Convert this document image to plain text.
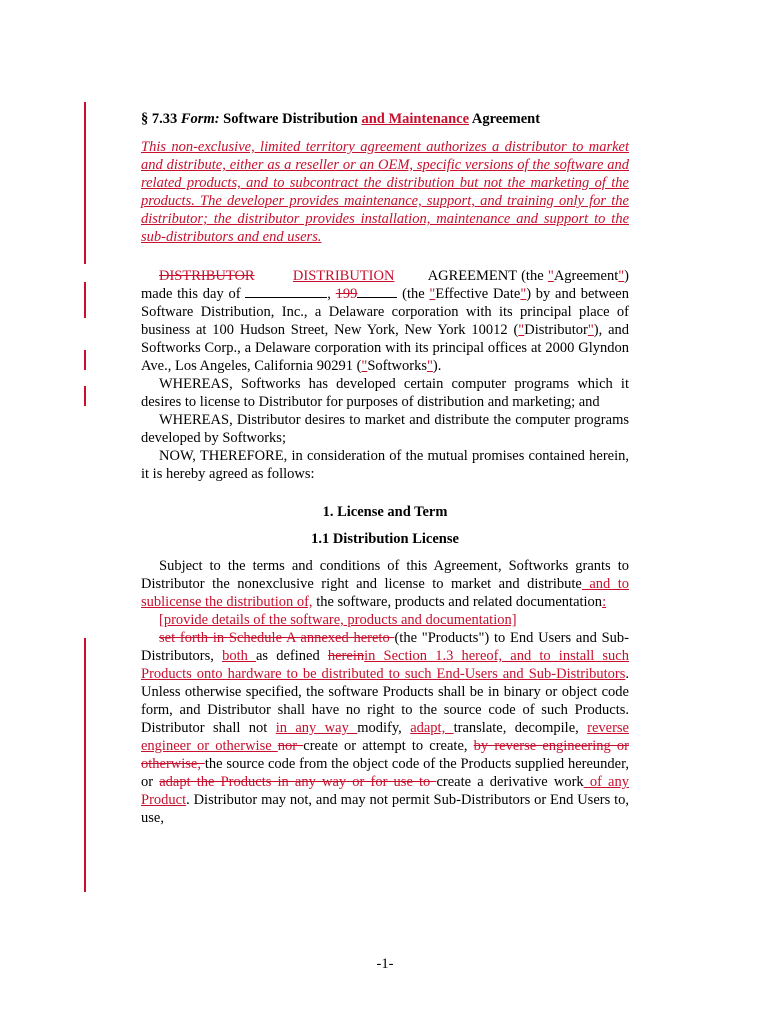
§ 7.33 Form: Software Distribution and Maintenance Agreement

This non-exclusive, limited territory agreement authorizes a distributor to market and distribute, either as a reseller or an OEM, specific versions of the software and related products, and to subcontract the distribution but not the marketing of the products. The developer provides maintenance, support, and training only for the distributor; the distributor provides installation, maintenance and support to the sub-distributors and end users.

DISTRIBUTOR	DISTRIBUTION AGREEMENT (the "Agreement") made this day of	, 199	(the "Effective Date") by and between Software Distribution, Inc., a Delaware corporation with its principal place of business at 100 Hudson Street, New York, New York 10012 ("Distributor"), and Softworks Corp., a Delaware corporation with its principal offices at 2000 Glyndon Ave., Los Angeles, California 90291 ("Softworks").

WHEREAS, Softworks has developed certain computer programs which it desires to license to Distributor for purposes of distribution and marketing; and

WHEREAS, Distributor desires to market and distribute the computer programs developed by Softworks;

NOW, THEREFORE, in consideration of the mutual promises contained herein, it is hereby agreed as follows:

1. License and Term

1.1 Distribution License

Subject to the terms and conditions of this Agreement, Softworks grants to Distributor the nonexclusive right and license to market and distribute and to sublicense the distribution of, the software, products and related documentation:

[provide details of the software, products and documentation]

set forth in Schedule A annexed hereto (the "Products") to End Users and Sub-Distributors, both as defined hereinin Section 1.3 hereof, and to install such Products onto hardware to be distributed to such End-Users and Sub-Distributors. Unless otherwise specified, the software Products shall be in binary or object code form, and Distributor shall have no right to the source code of such Products. Distributor shall not in any way modify, adapt, translate, decompile, reverse engineer or otherwise nor create or attempt to create, by reverse engineering or otherwise, the source code from the object code of the Products supplied hereunder, or adapt the Products in any way or for use to create a derivative work of any Product. Distributor may not, and may not permit Sub-Distributors or End Users to, use,

-1-
